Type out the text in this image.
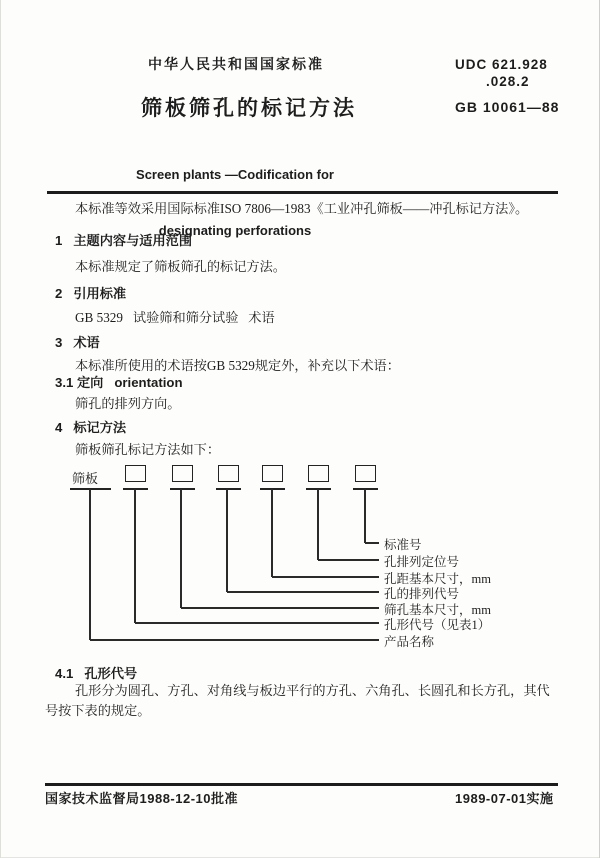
中华人民共和国国家标准	UDC 621.928
.028.2
筛板筛孔的标记方法	GB 10061—88

Screen plants —Codification for

designating perforations

本标准等效采用国际标准ISO 7806—1983《工业冲孔筛板——冲孔标记方法》。
1   主题内容与适用范围
本标准规定了筛板筛孔的标记方法。
2   引用标准
GB 5329   试验筛和筛分试验   术语
3   术语
本标准所使用的术语按GB 5329规定外，补充以下术语：
3.1 定向   orientation
筛孔的排列方向。
4   标记方法
筛板筛孔标记方法如下：
筛板
标准号
孔排列定位号
孔距基本尺寸，mm
孔的排列代号
筛孔基本尺寸，mm
孔形代号（见表1）
产品名称
4.1   孔形代号
孔形分为圆孔、方孔、对角线与板边平行的方孔、六角孔、长圆孔和长方孔，其代号按下表的规定。
国家技术监督局1988-12-10批准	1989-07-01实施
